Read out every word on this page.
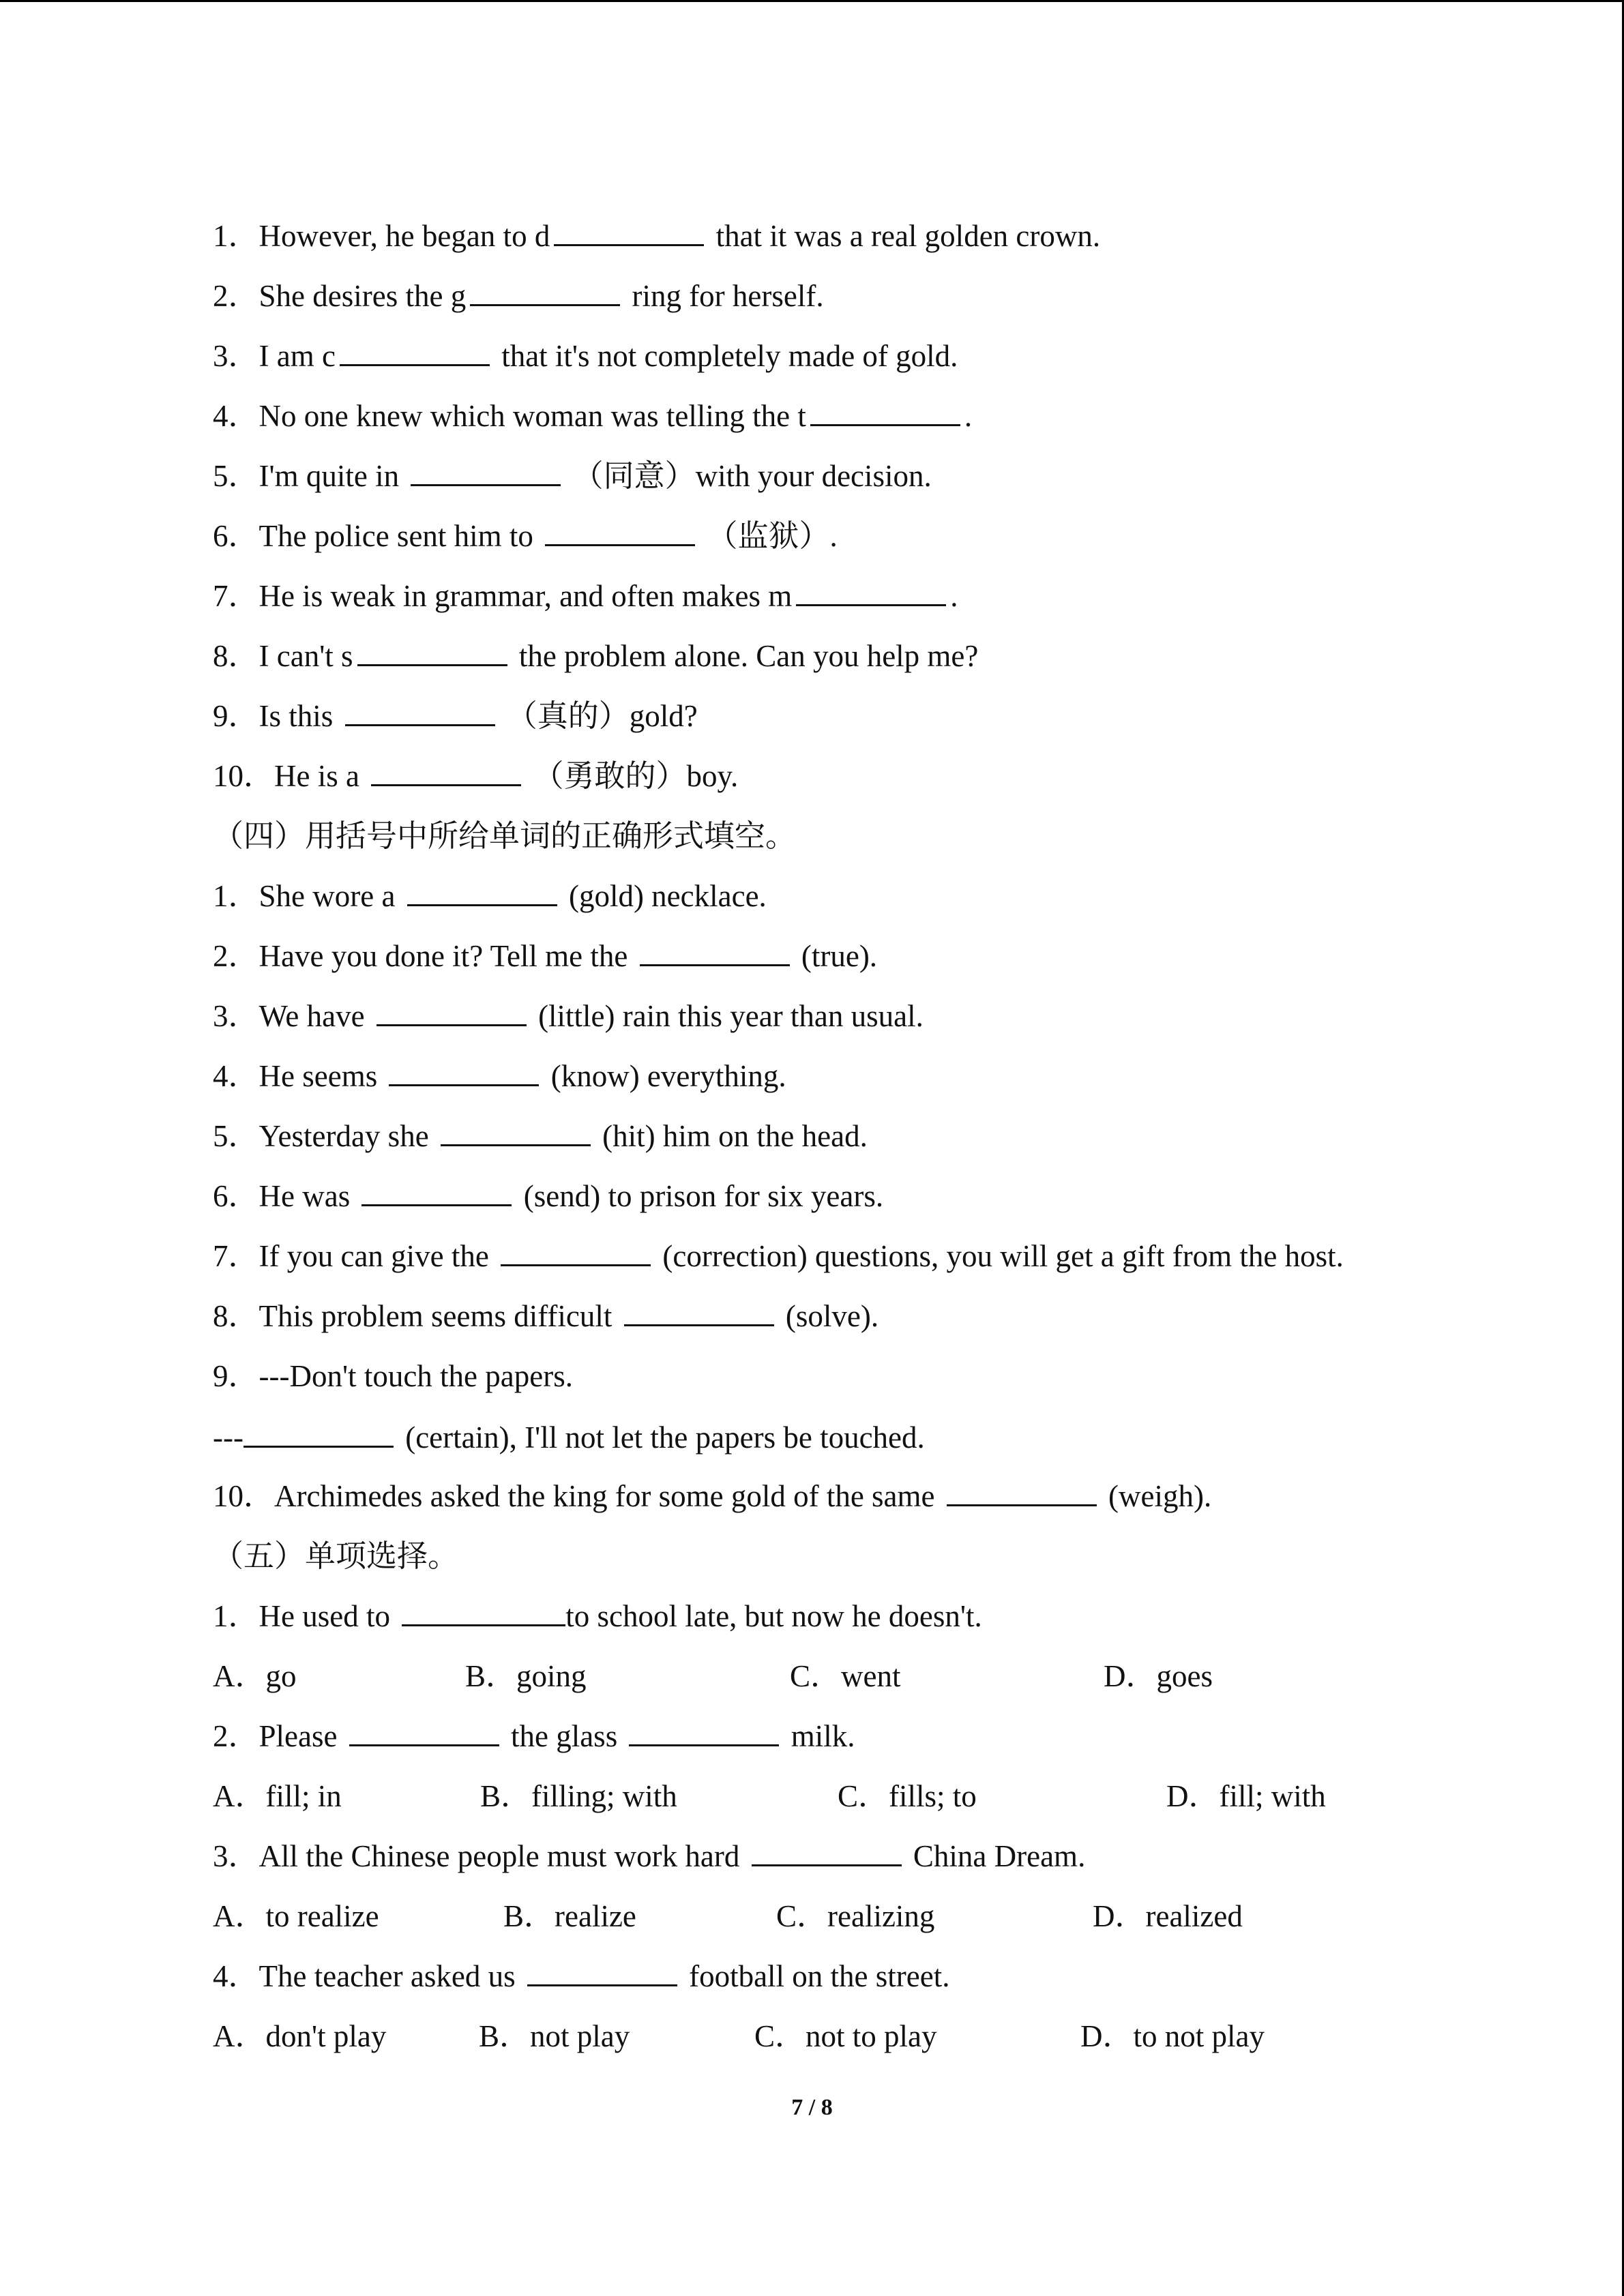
1．However, he began to d	that it was a real golden crown.
2．She desires the g	ring for herself.
3．I am c	that it's not completely made of gold.
4．No one knew which woman was telling the t	.
5．I'm quite in	（同意）with your decision.
6．The police sent him to	（监狱）.
7．He is weak in grammar, and often makes m	.
8．I can't s	the problem alone. Can you help me?
9．Is this	（真的）gold?
10．He is a	（勇敢的）boy.
（四）用括号中所给单词的正确形式填空。
1．She wore a	(gold) necklace.
2．Have you done it? Tell me the	(true).
3．We have	(little) rain this year than usual.
4．He seems	(know) everything.
5．Yesterday she	(hit) him on the head.
6．He was	(send) to prison for six years.
7．If you can give the	(correction) questions, you will get a gift from the host.
8．This problem seems difficult	(solve).
9．---Don't touch the papers.
---	(certain), I'll not let the papers be touched.
10．Archimedes asked the king for some gold of the same	(weigh).
（五）单项选择。
1．He used to	to school late, but now he doesn't.
A．go	B．going	C．went	D．goes
2．Please	the glass	milk.
A．fill; in	B．filling; with	C．fills; to	D．fill; with
3．All the Chinese people must work hard	China Dream.
A．to realize	B．realize	C．realizing	D．realized
4．The teacher asked us	football on the street.
A．don't play	B．not play	C．not to play	D．to not play
7 / 8
